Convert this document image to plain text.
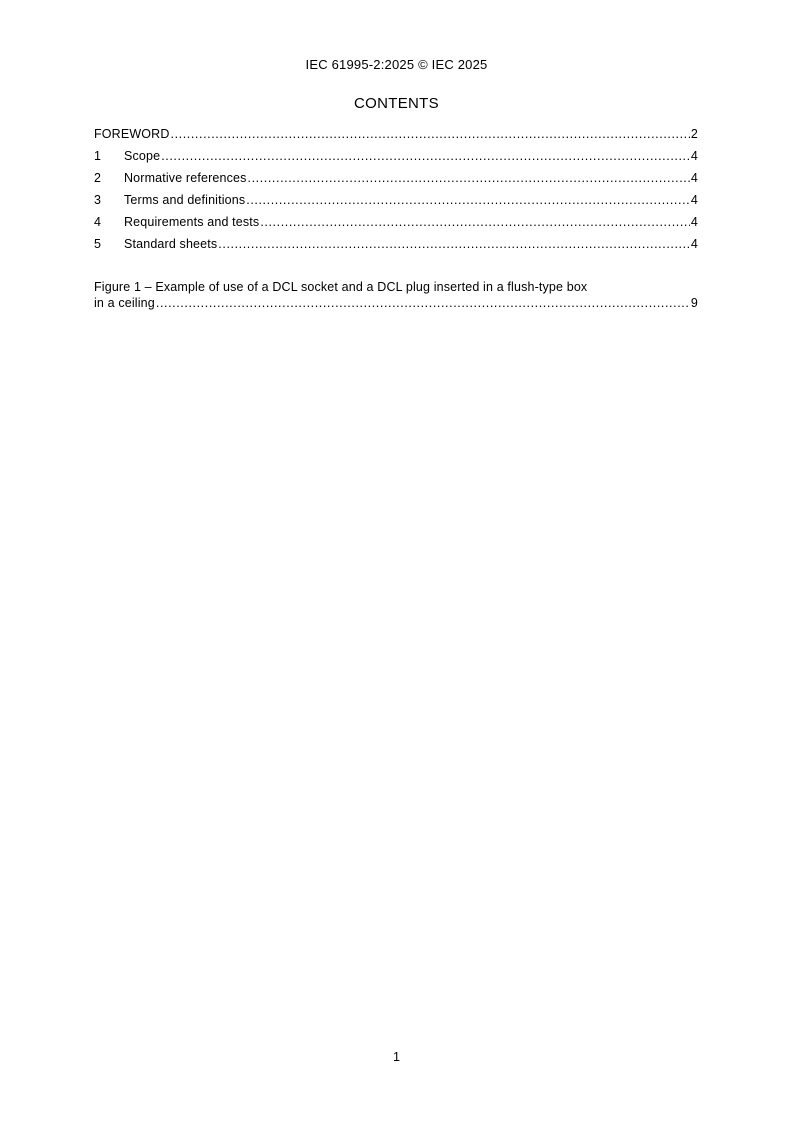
IEC 61995-2:2025 © IEC 2025
CONTENTS
FOREWORD .....	2
1	Scope .....	4
2	Normative references .....	4
3	Terms and definitions .....	4
4	Requirements and tests .....	4
5	Standard sheets .....	4
Figure 1 – Example of use of a DCL socket and a DCL plug inserted in a flush-type box
in a ceiling .....	9
1
